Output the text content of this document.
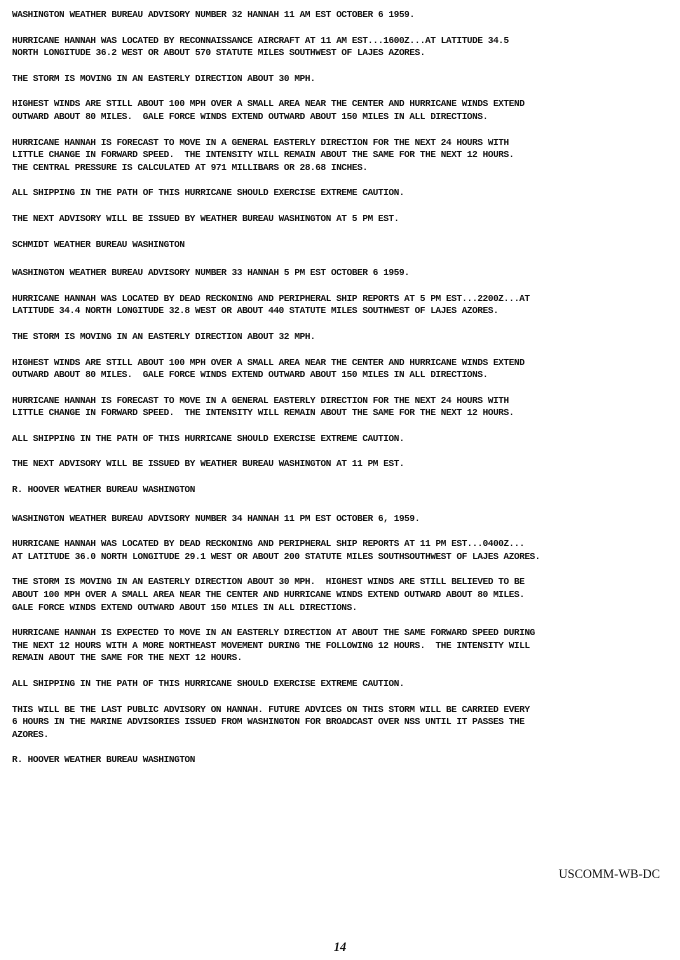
WASHINGTON WEATHER BUREAU ADVISORY NUMBER 32 HANNAH 11 AM EST OCTOBER 6 1959.

HURRICANE HANNAH WAS LOCATED BY RECONNAISSANCE AIRCRAFT AT 11 AM EST...1600Z...AT LATITUDE 34.5
NORTH LONGITUDE 36.2 WEST OR ABOUT 570 STATUTE MILES SOUTHWEST OF LAJES AZORES.

THE STORM IS MOVING IN AN EASTERLY DIRECTION ABOUT 30 MPH.

HIGHEST WINDS ARE STILL ABOUT 100 MPH OVER A SMALL AREA NEAR THE CENTER AND HURRICANE WINDS EXTEND
OUTWARD ABOUT 80 MILES.  GALE FORCE WINDS EXTEND OUTWARD ABOUT 150 MILES IN ALL DIRECTIONS.

HURRICANE HANNAH IS FORECAST TO MOVE IN A GENERAL EASTERLY DIRECTION FOR THE NEXT 24 HOURS WITH
LITTLE CHANGE IN FORWARD SPEED.  THE INTENSITY WILL REMAIN ABOUT THE SAME FOR THE NEXT 12 HOURS.
THE CENTRAL PRESSURE IS CALCULATED AT 971 MILLIBARS OR 28.68 INCHES.

ALL SHIPPING IN THE PATH OF THIS HURRICANE SHOULD EXERCISE EXTREME CAUTION.

THE NEXT ADVISORY WILL BE ISSUED BY WEATHER BUREAU WASHINGTON AT 5 PM EST.

SCHMIDT WEATHER BUREAU WASHINGTON

WASHINGTON WEATHER BUREAU ADVISORY NUMBER 33 HANNAH 5 PM EST OCTOBER 6 1959.

HURRICANE HANNAH WAS LOCATED BY DEAD RECKONING AND PERIPHERAL SHIP REPORTS AT 5 PM EST...2200Z...AT
LATITUDE 34.4 NORTH LONGITUDE 32.8 WEST OR ABOUT 440 STATUTE MILES SOUTHWEST OF LAJES AZORES.

THE STORM IS MOVING IN AN EASTERLY DIRECTION ABOUT 32 MPH.

HIGHEST WINDS ARE STILL ABOUT 100 MPH OVER A SMALL AREA NEAR THE CENTER AND HURRICANE WINDS EXTEND
OUTWARD ABOUT 80 MILES.  GALE FORCE WINDS EXTEND OUTWARD ABOUT 150 MILES IN ALL DIRECTIONS.

HURRICANE HANNAH IS FORECAST TO MOVE IN A GENERAL EASTERLY DIRECTION FOR THE NEXT 24 HOURS WITH
LITTLE CHANGE IN FORWARD SPEED.  THE INTENSITY WILL REMAIN ABOUT THE SAME FOR THE NEXT 12 HOURS.

ALL SHIPPING IN THE PATH OF THIS HURRICANE SHOULD EXERCISE EXTREME CAUTION.

THE NEXT ADVISORY WILL BE ISSUED BY WEATHER BUREAU WASHINGTON AT 11 PM EST.

R. HOOVER WEATHER BUREAU WASHINGTON

WASHINGTON WEATHER BUREAU ADVISORY NUMBER 34 HANNAH 11 PM EST OCTOBER 6, 1959.

HURRICANE HANNAH WAS LOCATED BY DEAD RECKONING AND PERIPHERAL SHIP REPORTS AT 11 PM EST...0400Z...
AT LATITUDE 36.0 NORTH LONGITUDE 29.1 WEST OR ABOUT 200 STATUTE MILES SOUTHSOUTHWEST OF LAJES AZORES.

THE STORM IS MOVING IN AN EASTERLY DIRECTION ABOUT 30 MPH.  HIGHEST WINDS ARE STILL BELIEVED TO BE
ABOUT 100 MPH OVER A SMALL AREA NEAR THE CENTER AND HURRICANE WINDS EXTEND OUTWARD ABOUT 80 MILES.
GALE FORCE WINDS EXTEND OUTWARD ABOUT 150 MILES IN ALL DIRECTIONS.

HURRICANE HANNAH IS EXPECTED TO MOVE IN AN EASTERLY DIRECTION AT ABOUT THE SAME FORWARD SPEED DURING
THE NEXT 12 HOURS WITH A MORE NORTHEAST MOVEMENT DURING THE FOLLOWING 12 HOURS.  THE INTENSITY WILL
REMAIN ABOUT THE SAME FOR THE NEXT 12 HOURS.

ALL SHIPPING IN THE PATH OF THIS HURRICANE SHOULD EXERCISE EXTREME CAUTION.

THIS WILL BE THE LAST PUBLIC ADVISORY ON HANNAH. FUTURE ADVICES ON THIS STORM WILL BE CARRIED EVERY
6 HOURS IN THE MARINE ADVISORIES ISSUED FROM WASHINGTON FOR BROADCAST OVER NSS UNTIL IT PASSES THE
AZORES.

R. HOOVER WEATHER BUREAU WASHINGTON

USCOMM-WB-DC
14
